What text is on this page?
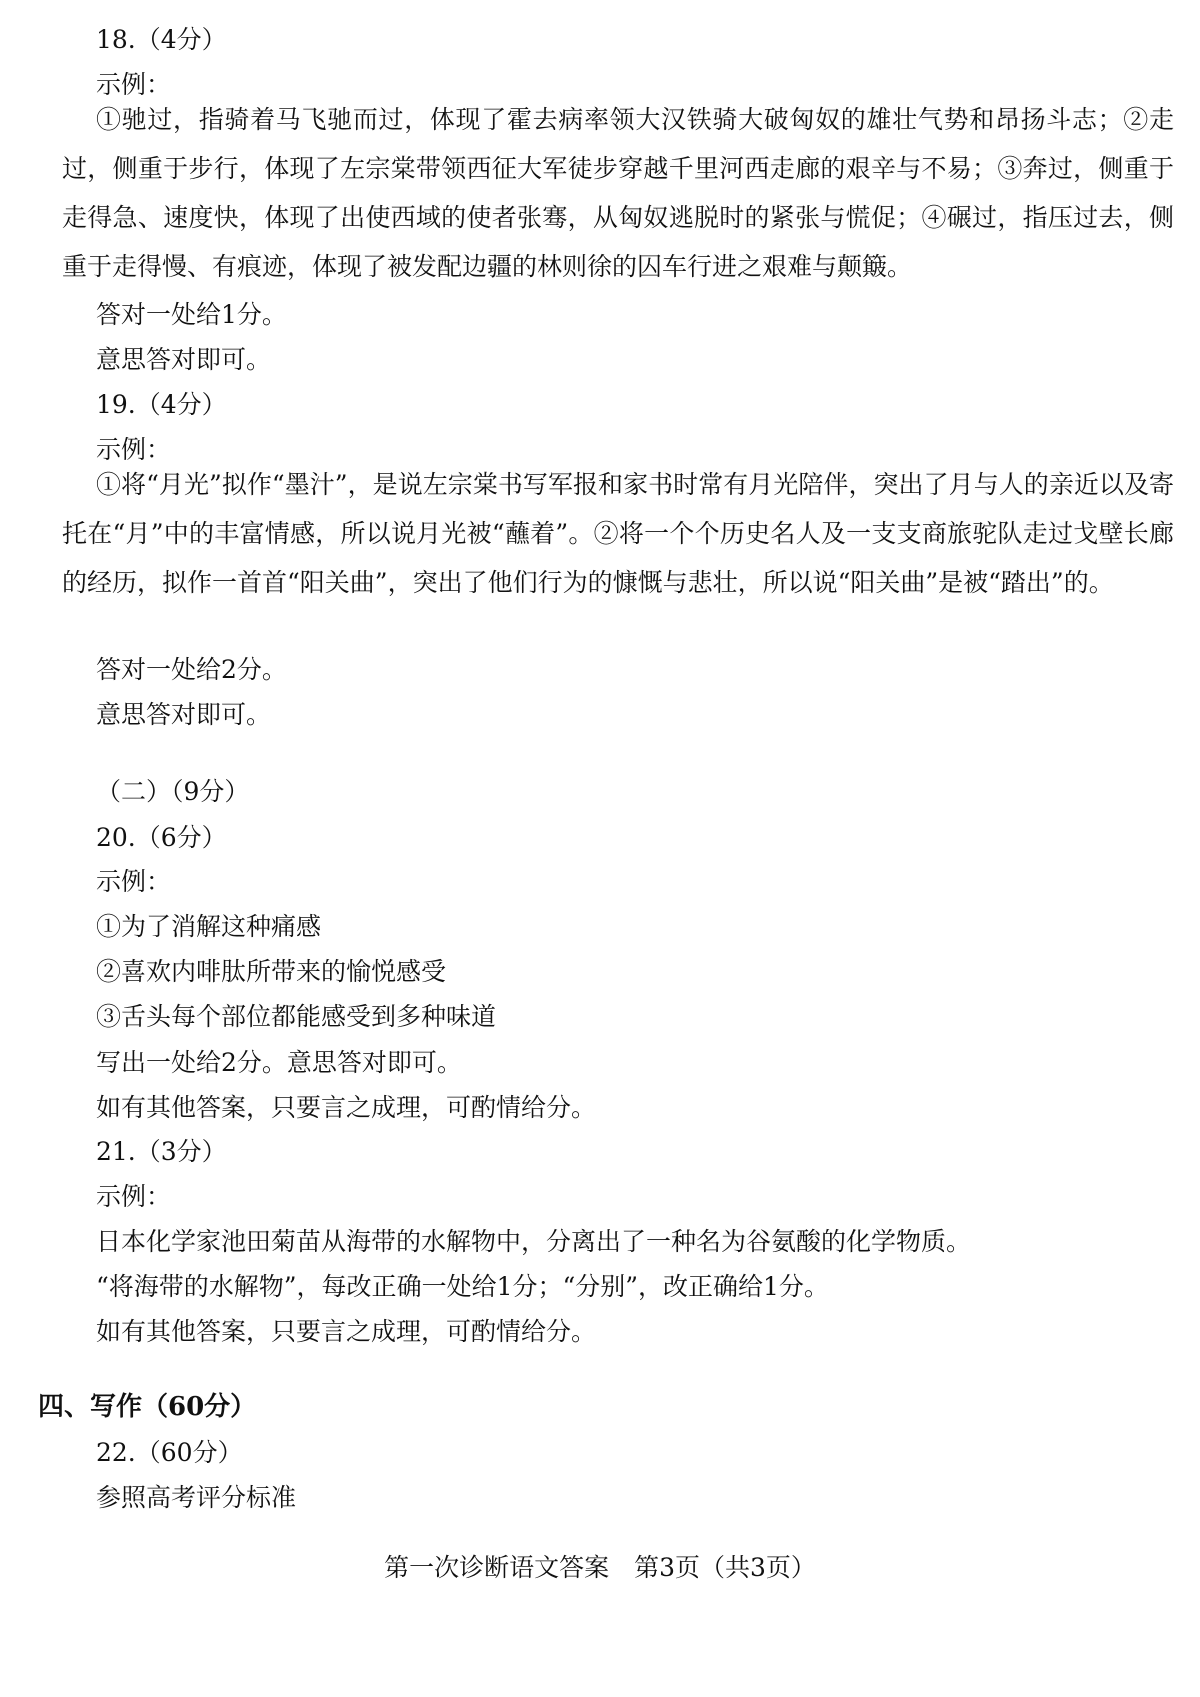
18.（4分）
示例：
①驰过，指骑着马飞驰而过，体现了霍去病率领大汉铁骑大破匈奴的雄壮气势和昂扬斗志；②走过，侧重于步行，体现了左宗棠带领西征大军徒步穿越千里河西走廊的艰辛与不易；③奔过，侧重于走得急、速度快，体现了出使西域的使者张骞，从匈奴逃脱时的紧张与慌促；④碾过，指压过去，侧重于走得慢、有痕迹，体现了被发配边疆的林则徐的囚车行进之艰难与颠簸。
答对一处给1分。
意思答对即可。
19.（4分）
示例：
①将“月光”拟作“墨汁”，是说左宗棠书写军报和家书时常有月光陪伴，突出了月与人的亲近以及寄托在“月”中的丰富情感，所以说月光被“蘸着”。②将一个个历史名人及一支支商旅驼队走过戈壁长廊的经历，拟作一首首“阳关曲”，突出了他们行为的慷慨与悲壮，所以说“阳关曲”是被“踏出”的。
答对一处给2分。
意思答对即可。
（二）（9分）
20.（6分）
示例：
①为了消解这种痛感
②喜欢内啡肽所带来的愉悦感受
③舌头每个部位都能感受到多种味道
写出一处给2分。意思答对即可。
如有其他答案，只要言之成理，可酌情给分。
21.（3分）
示例：
日本化学家池田菊苗从海带的水解物中，分离出了一种名为谷氨酸的化学物质。
“将海带的水解物”，每改正确一处给1分；“分别”，改正确给1分。
如有其他答案，只要言之成理，可酌情给分。
四、写作（60分）
22.（60分）
参照高考评分标准
第一次诊断语文答案　第3页（共3页）
